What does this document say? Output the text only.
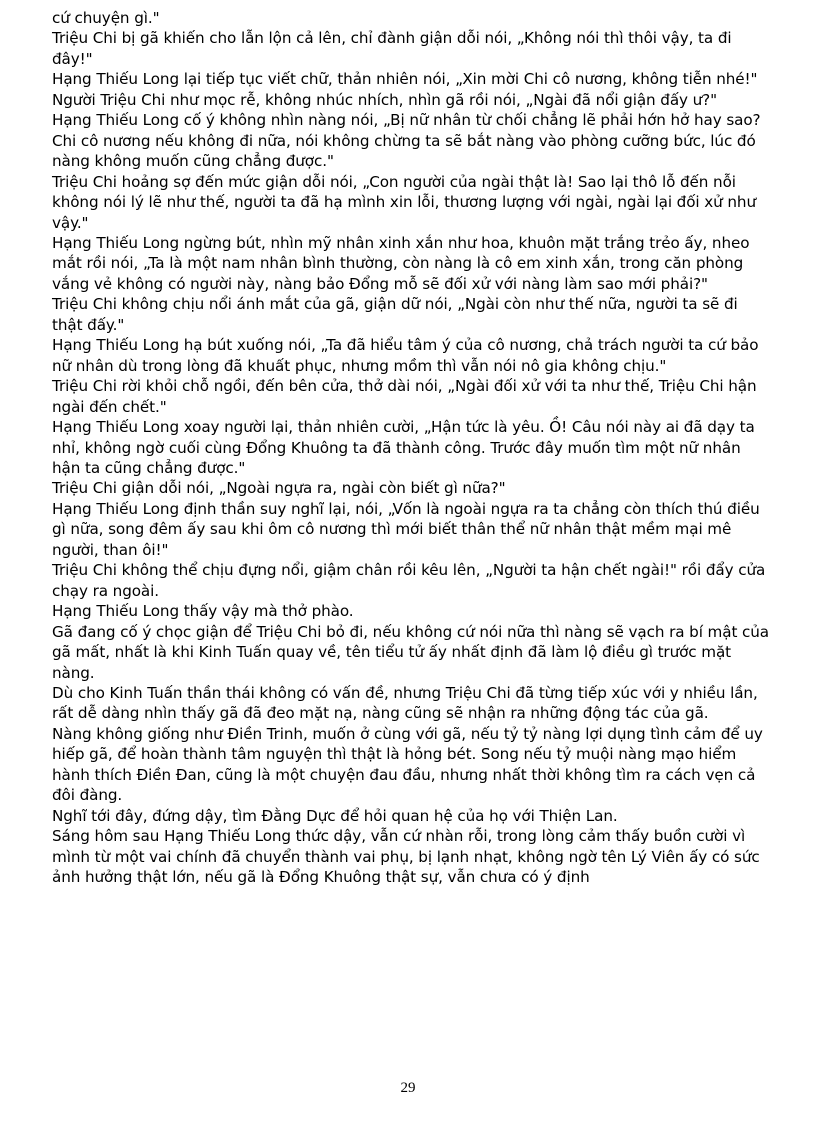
cứ chuyện gì."

Triệu Chi bị gã khiến cho lẫn lộn cả lên, chỉ đành giận dỗi nói, „Không nói thì thôi vậy, ta đi đây!"

Hạng Thiếu Long lại tiếp tục viết chữ, thản nhiên nói, „Xin mời Chi cô nương, không tiễn nhé!"

Người Triệu Chi như mọc rễ, không nhúc nhích, nhìn gã rồi nói, „Ngài đã nổi giận đấy ư?"

Hạng Thiếu Long cố ý không nhìn nàng nói, „Bị nữ nhân từ chối chẳng lẽ phải hớn hở hay sao? Chi cô nương nếu không đi nữa, nói không chừng ta sẽ bắt nàng vào phòng cưỡng bức, lúc đó nàng không muốn cũng chẳng được."

Triệu Chi hoảng sợ đến mức giận dỗi nói, „Con người của ngài thật là! Sao lại thô lỗ đến nỗi không nói lý lẽ như thế, người ta đã hạ mình xin lỗi, thương lượng với ngài, ngài lại đối xử như vậy."

Hạng Thiếu Long ngừng bút, nhìn mỹ nhân xinh xắn như hoa, khuôn mặt trắng trẻo ấy, nheo mắt rồi nói, „Ta là một nam nhân bình thường, còn nàng là cô em xinh xắn, trong căn phòng vắng vẻ không có người này, nàng bảo Đổng mỗ sẽ đối xử với nàng làm sao mới phải?"

Triệu Chi không chịu nổi ánh mắt của gã, giận dữ nói, „Ngài còn như thế nữa, người ta sẽ đi thật đấy."

Hạng Thiếu Long hạ bút xuống nói, „Ta đã hiểu tâm ý của cô nương, chả trách người ta cứ bảo nữ nhân dù trong lòng đã khuất phục, nhưng mồm thì vẫn nói nô gia không chịu."

Triệu Chi rời khỏi chỗ ngồi, đến bên cửa, thở dài nói, „Ngài đối xử với ta như thế, Triệu Chi hận ngài đến chết."

Hạng Thiếu Long xoay người lại, thản nhiên cười, „Hận tức là yêu. Ồ! Câu nói này ai đã dạy ta nhỉ, không ngờ cuối cùng Đổng Khuông ta đã thành công. Trước đây muốn tìm một nữ nhân hận ta cũng chẳng được."

Triệu Chi giận dỗi nói, „Ngoài ngựa ra, ngài còn biết gì nữa?"

Hạng Thiếu Long định thần suy nghĩ lại, nói, „Vốn là ngoài ngựa ra ta chẳng còn thích thú điều gì nữa, song đêm ấy sau khi ôm cô nương thì mới biết thân thể nữ nhân thật mềm mại mê người, than ôi!"

Triệu Chi không thể chịu đựng nổi, giậm chân rồi kêu lên, „Người ta hận chết ngài!" rồi đẩy cửa chạy ra ngoài.

Hạng Thiếu Long thấy vậy mà thở phào.

Gã đang cố ý chọc giận để Triệu Chi bỏ đi, nếu không cứ nói nữa thì nàng sẽ vạch ra bí mật của gã mất, nhất là khi Kinh Tuấn quay về, tên tiểu tử ấy nhất định đã làm lộ điều gì trước mặt nàng.

Dù cho Kinh Tuấn thần thái không có vấn đề, nhưng Triệu Chi đã từng tiếp xúc với y nhiều lần, rất dễ dàng nhìn thấy gã đã đeo mặt nạ, nàng cũng sẽ nhận ra những động tác của gã.

Nàng không giống như Điền Trinh, muốn ở cùng với gã, nếu tỷ tỷ nàng lợi dụng tình cảm để uy hiếp gã, để hoàn thành tâm nguyện thì thật là hỏng bét. Song nếu tỷ muội nàng mạo hiểm hành thích Điền Đan, cũng là một chuyện đau đầu, nhưng nhất thời không tìm ra cách vẹn cả đôi đàng.

Nghĩ tới đây, đứng dậy, tìm Đằng Dực để hỏi quan hệ của họ với Thiện Lan.

Sáng hôm sau Hạng Thiếu Long thức dậy, vẫn cứ nhàn rỗi, trong lòng cảm thấy buồn cười vì mình từ một vai chính đã chuyển thành vai phụ, bị lạnh nhạt, không ngờ tên Lý Viên ấy có sức ảnh hưởng thật lớn, nếu gã là Đổng Khuông thật sự, vẫn chưa có ý định

29
